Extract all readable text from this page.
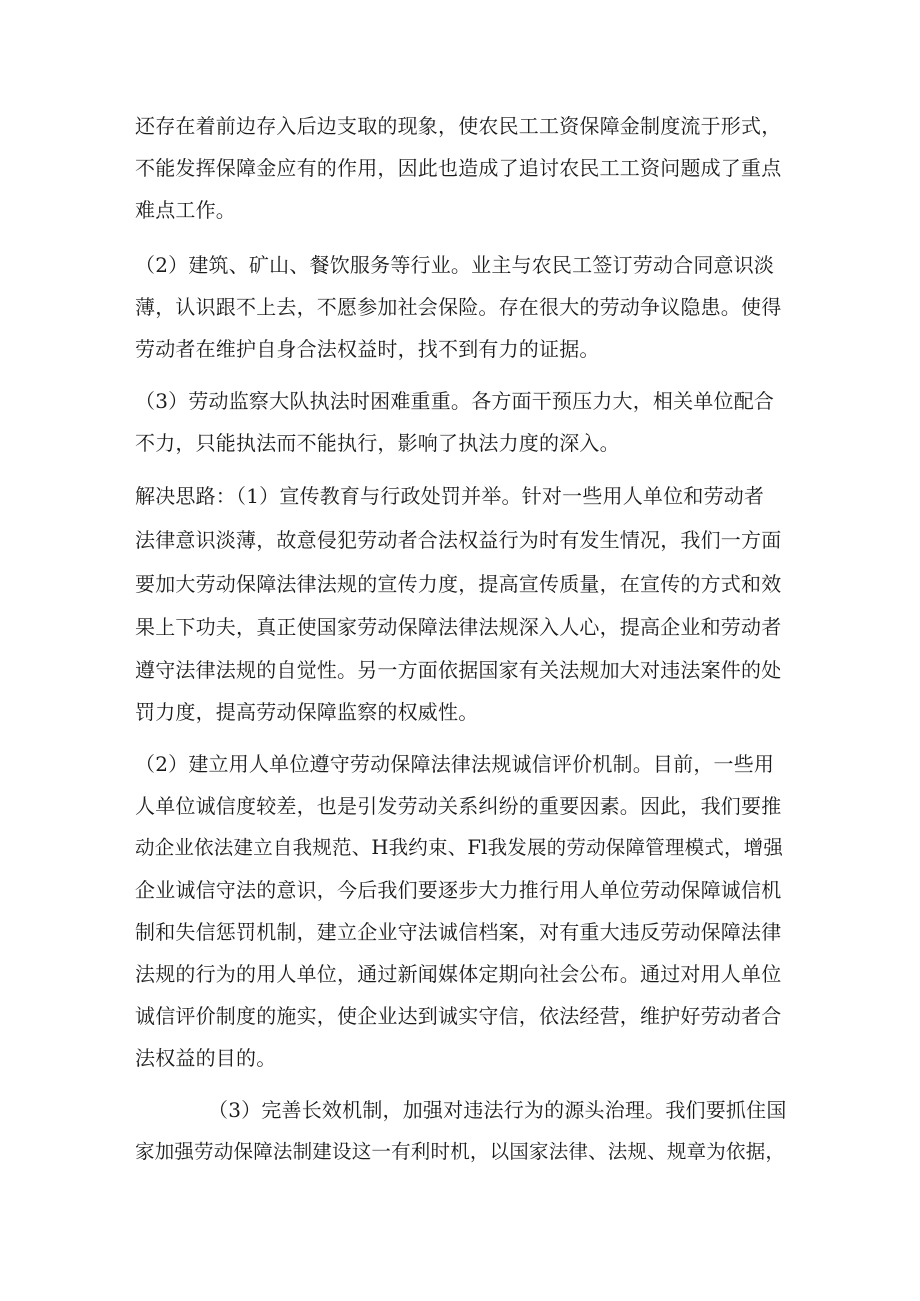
还存在着前边存入后边支取的现象，使农民工工资保障金制度流于形式，
不能发挥保障金应有的作用，因此也造成了追讨农民工工资问题成了重点
难点工作。
（2）建筑、矿山、餐饮服务等行业。业主与农民工签订劳动合同意识淡
薄，认识跟不上去，不愿参加社会保险。存在很大的劳动争议隐患。使得
劳动者在维护自身合法权益时，找不到有力的证据。
（3）劳动监察大队执法时困难重重。各方面干预压力大，相关单位配合
不力，只能执法而不能执行，影响了执法力度的深入。
解决思路：（1）宣传教育与行政处罚并举。针对一些用人单位和劳动者
法律意识淡薄，故意侵犯劳动者合法权益行为时有发生情况，我们一方面
要加大劳动保障法律法规的宣传力度，提高宣传质量，在宣传的方式和效
果上下功夫，真正使国家劳动保障法律法规深入人心，提高企业和劳动者
遵守法律法规的自觉性。另一方面依据国家有关法规加大对违法案件的处
罚力度，提高劳动保障监察的权威性。
（2）建立用人单位遵守劳动保障法律法规诚信评价机制。目前，一些用
人单位诚信度较差，也是引发劳动关系纠纷的重要因素。因此，我们要推
动企业依法建立自我规范、H我约束、Fl我发展的劳动保障管理模式，增强
企业诚信守法的意识，今后我们要逐步大力推行用人单位劳动保障诚信机
制和失信惩罚机制，建立企业守法诚信档案，对有重大违反劳动保障法律
法规的行为的用人单位，通过新闻媒体定期向社会公布。通过对用人单位
诚信评价制度的施实，使企业达到诚实守信，依法经营，维护好劳动者合
法权益的目的。
（3）完善长效机制，加强对违法行为的源头治理。我们要抓住国
家加强劳动保障法制建设这一有利时机，以国家法律、法规、规章为依据，
